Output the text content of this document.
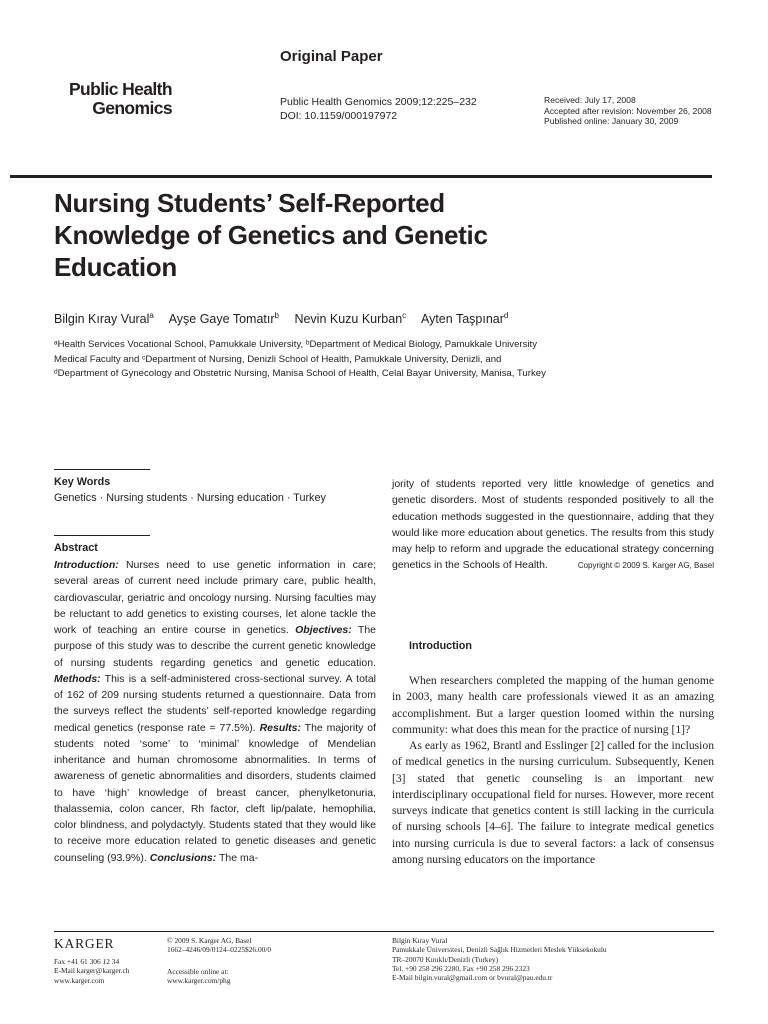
Original Paper
Public Health
Genomics	Public Health Genomics 2009;12:225–232
DOI: 10.1159/000197972
Received: July 17, 2008
Accepted after revision: November 26, 2008
Published online: January 30, 2009
Nursing Students’ Self-Reported
Knowledge of Genetics and Genetic
Education
Bilgin Kıray Vural$^a$ Ayşe Gaye Tomatır$^b$ Nevin Kuzu Kurban$^c$ Ayten Taşpınar$^d$
ᵃHealth Services Vocational School, Pamukkale University, ᵇDepartment of Medical Biology, Pamukkale University
Medical Faculty and ᶜDepartment of Nursing, Denizli School of Health, Pamukkale University, Denizli, and
ᵈDepartment of Gynecology and Obstetric Nursing, Manisa School of Health, Celal Bayar University, Manisa, Turkey
Key Words
Genetics · Nursing students · Nursing education · Turkey
Abstract
Introduction: Nurses need to use genetic information in care; several areas of current need include primary care, public health, cardiovascular, geriatric and oncology nursing. Nursing faculties may be reluctant to add genetics to existing courses, let alone tackle the work of teaching an entire course in genetics. Objectives: The purpose of this study was to describe the current genetic knowledge of nursing students regarding genetics and genetic education. Methods: This is a self-administered cross-sectional survey. A total of 162 of 209 nursing students returned a questionnaire. Data from the surveys reflect the students’ self-reported knowledge regarding medical genetics (response rate = 77.5%). Results: The majority of students noted ‘some’ to ‘minimal’ knowledge of Mendelian inheritance and human chromosome abnormalities. In terms of awareness of genetic abnormalities and disorders, students claimed to have ‘high’ knowledge of breast cancer, phenylketonuria, thalassemia, colon cancer, Rh factor, cleft lip/palate, hemophilia, color blindness, and polydactyly. Students stated that they would like to receive more education related to genetic diseases and genetic counseling (93.9%). Conclusions: The ma-
jority of students reported very little knowledge of genetics and genetic disorders. Most of students responded positively to all the education methods suggested in the questionnaire, adding that they would like more education about genetics. The results from this study may help to reform and upgrade the educational strategy concerning genetics in the Schools of Health.	Copyright © 2009 S. Karger AG, Basel
Introduction

When researchers completed the mapping of the human genome in 2003, many health care professionals viewed it as an amazing accomplishment. But a larger question loomed within the nursing community: what does this mean for the practice of nursing [1]?

As early as 1962, Brantl and Esslinger [2] called for the inclusion of medical genetics in the nursing curriculum. Subsequently, Kenen [3] stated that genetic counseling is an important new interdisciplinary occupational field for nurses. However, more recent surveys indicate that genetics content is still lacking in the curricula of nursing schools [4–6]. The failure to integrate medical genetics into nursing curricula is due to several factors: a lack of consensus among nursing educators on the importance

KARGER
Fax +41 61 306 12 34
E-Mail karger@karger.ch
www.karger.com
© 2009 S. Karger AG, Basel
1662–4246/09/0124–0225$26.00/0
Accessible online at:
www.karger.com/phg
Bilgin Kıray Vural
Pamukkale Üniversitesi, Denizli Sağlık Hizmetleri Meslek Yüksekokulu
TR–20070 Kınıklı/Denizli (Turkey)
Tel. +90 258 296 2280, Fax +90 258 296 2323
E-Mail bilgin.vural@gmail.com or bvural@pau.edu.tr
